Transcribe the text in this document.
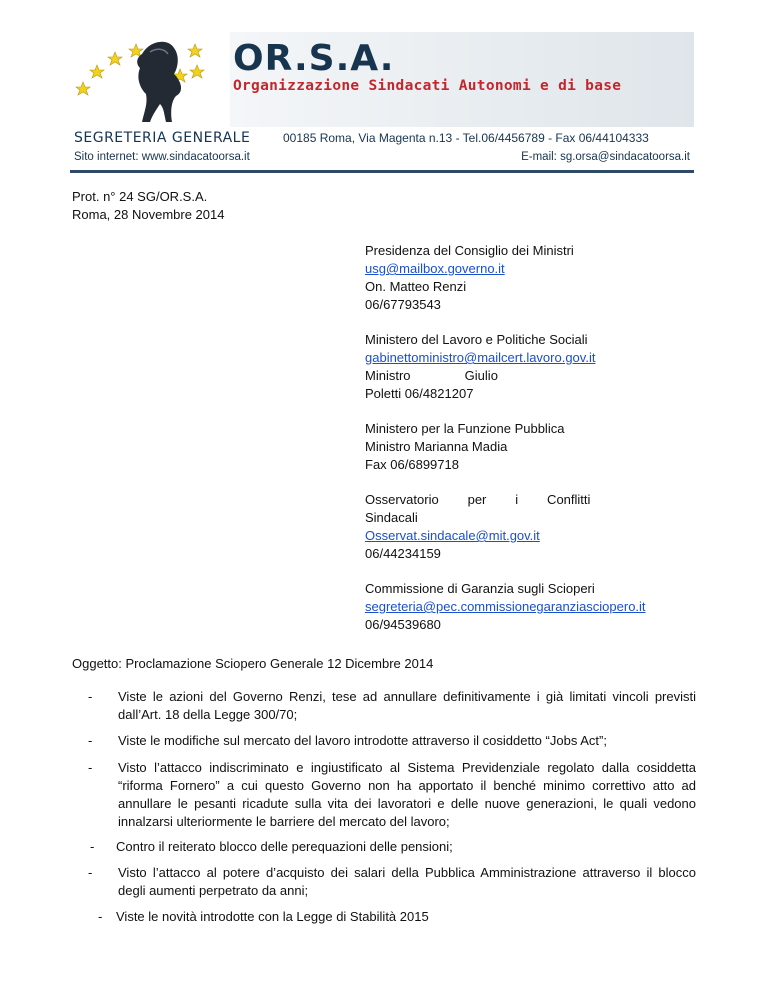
OR.S.A.
Organizzazione Sindacati Autonomi e di base
SEGRETERIA GENERALE	00185 Roma, Via Magenta n.13 - Tel.06/4456789 - Fax 06/44104333
Sito internet: www.sindacatoorsa.it	E-mail: sg.orsa@sindacatoorsa.it
Prot. n° 24 SG/OR.S.A.
Roma, 28 Novembre 2014
Presidenza del Consiglio dei Ministri
usg@mailbox.governo.it
On. Matteo Renzi
06/67793543
Ministero del Lavoro e Politiche Sociali
gabinettoministro@mailcert.lavoro.gov.it
Ministro               Giulio
Poletti 06/4821207
Ministero per la Funzione Pubblica
Ministro Marianna Madia
Fax 06/6899718
Osservatorio        per        i        Conflitti
Sindacali
Osservat.sindacale@mit.gov.it
06/44234159
Commissione di Garanzia sugli Scioperi
segreteria@pec.commissionegaranziasciopero.it
06/94539680
Oggetto: Proclamazione Sciopero Generale 12 Dicembre 2014
- Viste le azioni del Governo Renzi, tese ad annullare definitivamente i già limitati vincoli previsti dall’Art. 18 della Legge 300/70;
- Viste le modifiche sul mercato del lavoro introdotte attraverso il cosiddetto “Jobs Act”;
- Visto l’attacco indiscriminato e ingiustificato al Sistema Previdenziale regolato dalla cosiddetta “riforma Fornero” a cui questo Governo non ha apportato il benché minimo correttivo atto ad annullare le pesanti ricadute sulla vita dei lavoratori e delle nuove generazioni, le quali vedono innalzarsi ulteriormente le barriere del mercato del lavoro;
- Contro il reiterato blocco delle perequazioni delle pensioni;
- Visto l’attacco al potere d’acquisto dei salari della Pubblica Amministrazione attraverso il blocco degli aumenti perpetrato da anni;
- Viste le novità introdotte con la Legge di Stabilità 2015
